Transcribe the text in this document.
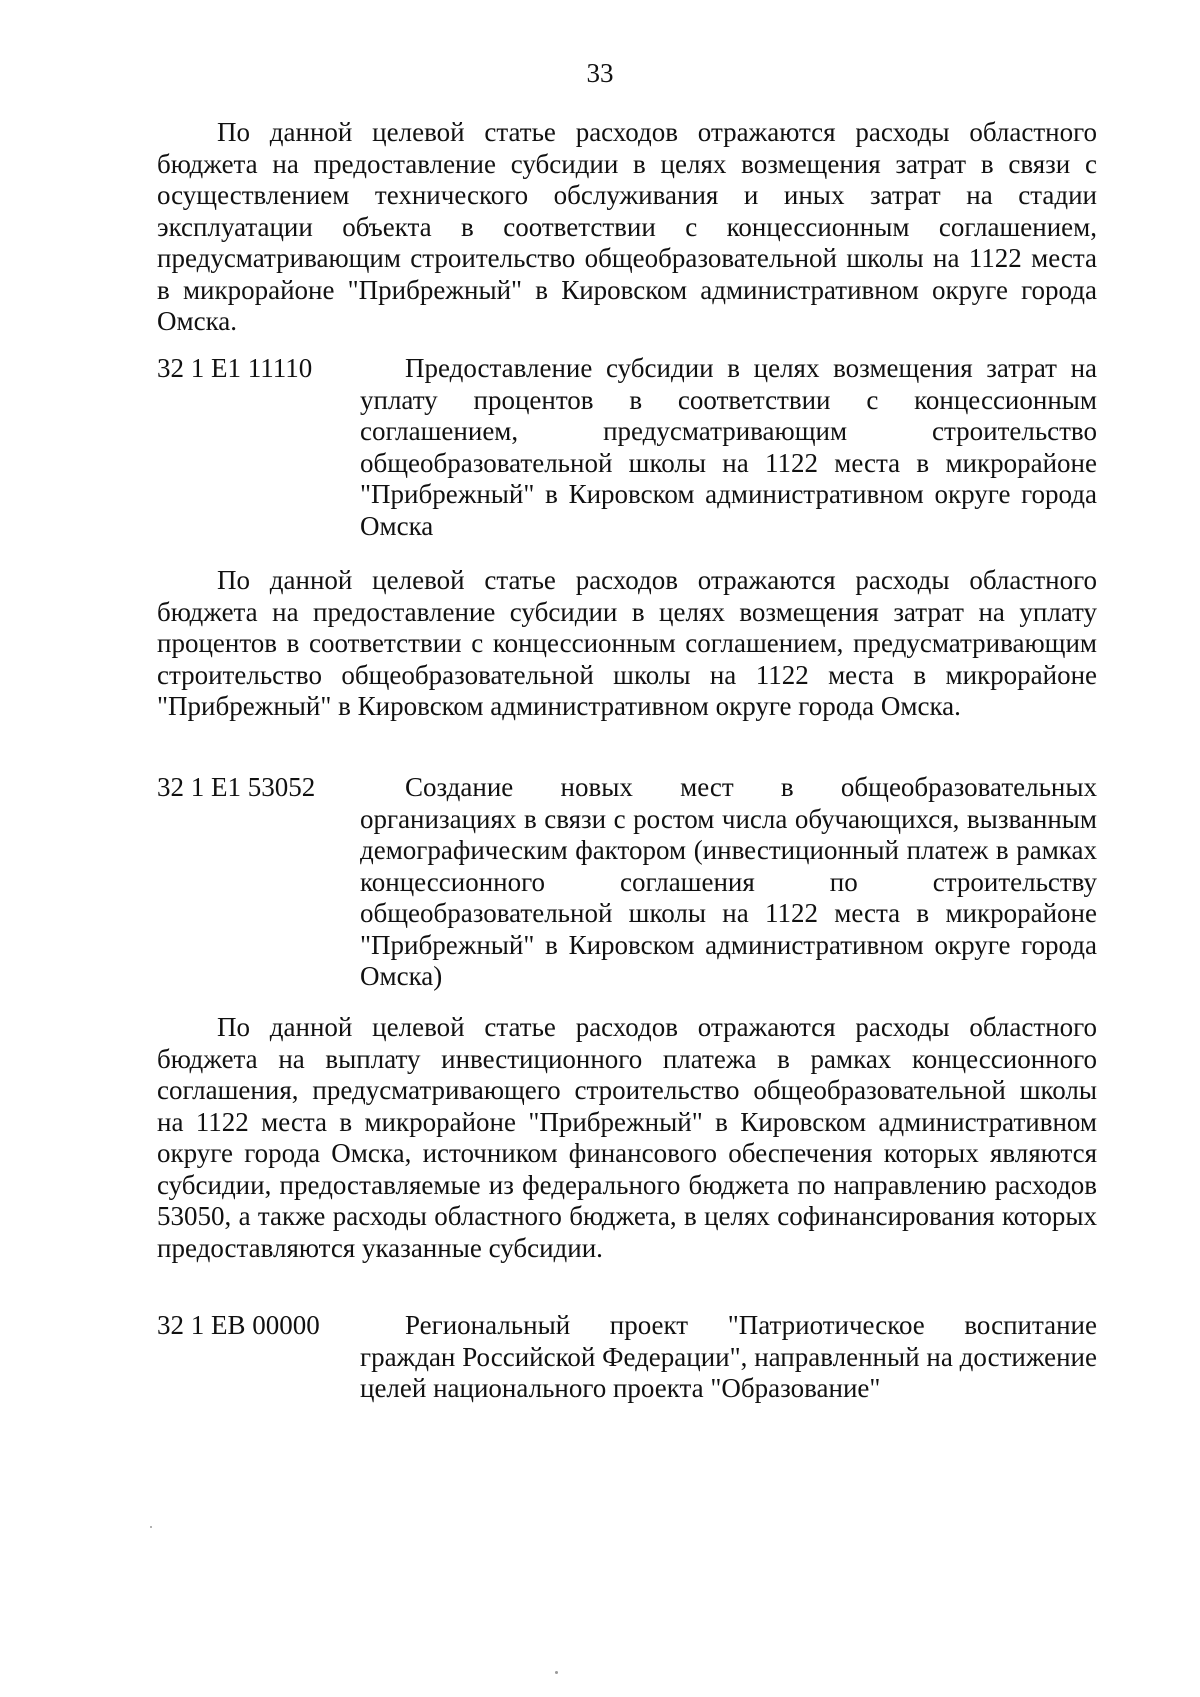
33

По данной целевой статье расходов отражаются расходы областного бюджета на предоставление субсидии в целях возмещения затрат в связи с осуществлением технического обслуживания и иных затрат на стадии эксплуатации объекта в соответствии с концессионным соглашением, предусматривающим строительство общеобразовательной школы на 1122 места в микрорайоне "Прибрежный" в Кировском административном округе города Омска.

32 1 E1 11110	Предоставление субсидии в целях возмещения затрат на уплату процентов в соответствии с концессионным соглашением, предусматривающим строительство общеобразовательной школы на 1122 места в микрорайоне "Прибрежный" в Кировском административном округе города Омска

По данной целевой статье расходов отражаются расходы областного бюджета на предоставление субсидии в целях возмещения затрат на уплату процентов в соответствии с концессионным соглашением, предусматривающим строительство общеобразовательной школы на 1122 места в микрорайоне "Прибрежный" в Кировском административном округе города Омска.

32 1 E1 53052	Создание новых мест в общеобразовательных организациях в связи с ростом числа обучающихся, вызванным демографическим фактором (инвестиционный платеж в рамках концессионного соглашения по строительству общеобразовательной школы на 1122 места в микрорайоне "Прибрежный" в Кировском административном округе города Омска)

По данной целевой статье расходов отражаются расходы областного бюджета на выплату инвестиционного платежа в рамках концессионного соглашения, предусматривающего строительство общеобразовательной школы на 1122 места в микрорайоне "Прибрежный" в Кировском административном округе города Омска, источником финансового обеспечения которых являются субсидии, предоставляемые из федерального бюджета по направлению расходов 53050, а также расходы областного бюджета, в целях софинансирования которых предоставляются указанные субсидии.

32 1 EB 00000	Региональный проект "Патриотическое воспитание граждан Российской Федерации", направленный на достижение целей национального проекта "Образование"
